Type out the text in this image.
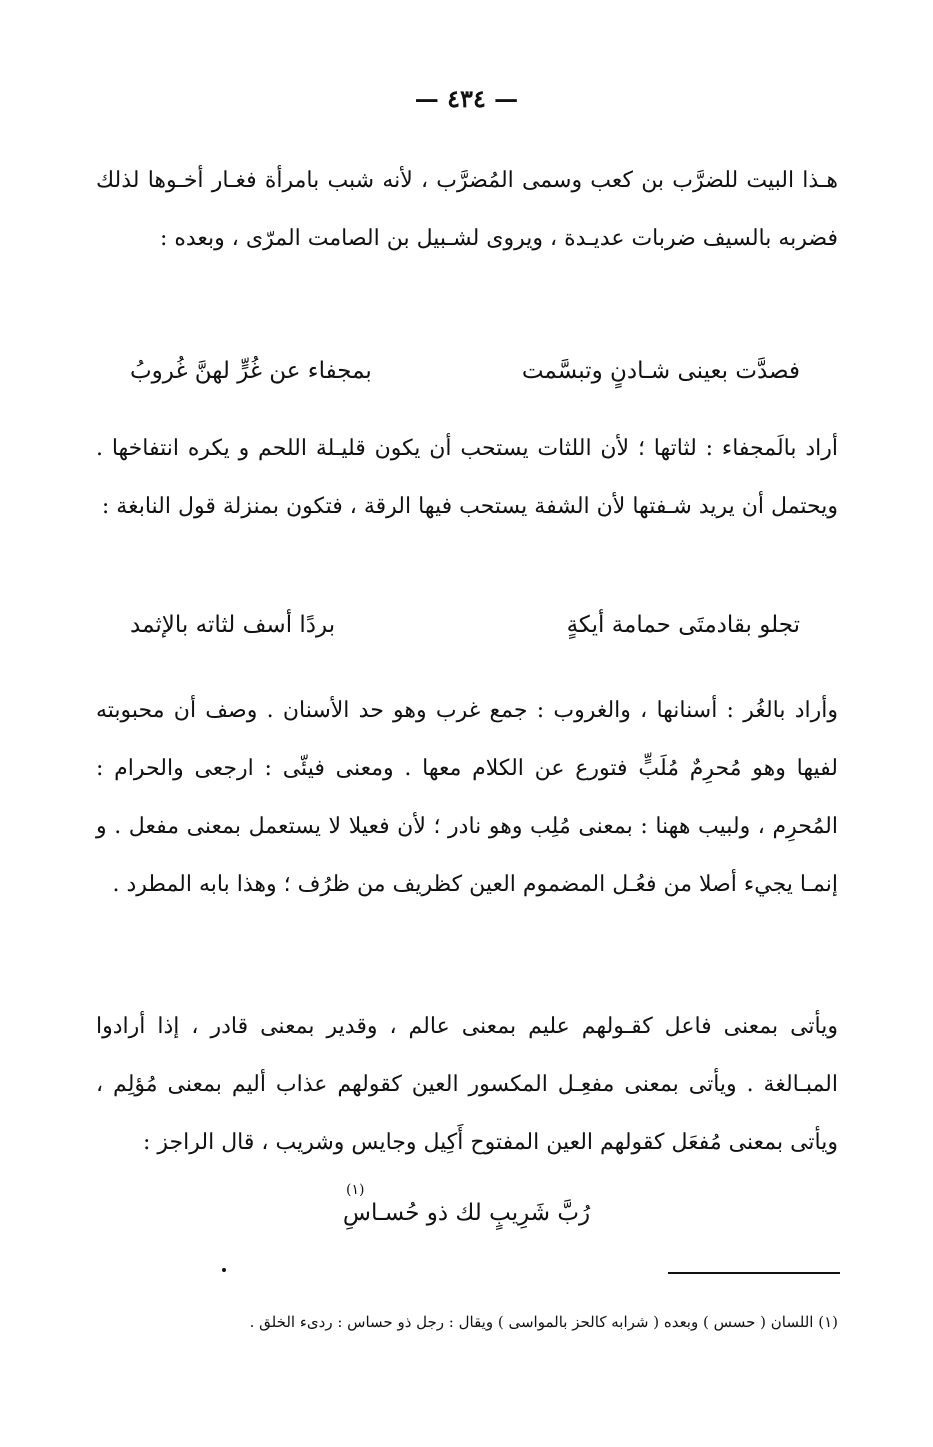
— ٤٣٤ —
هـذا البيت للضرَّب بن كعب وسمى المُضرَّب ، لأنه شبب بامرأة فغـار أخـوها لذلك فضربه بالسيف ضربات عديـدة ، ويروى لشـبيل بن الصامت المرّى ، وبعده :
فصدَّت بعينى شـادنٍ وتبسَّمت
بمجفاء عن غُرٍّ لهنَّ غُروبُ
أراد بالَمجفاء : لثاتها ؛ لأن اللثات يستحب أن يكون قليـلة اللحم و يكره انتفاخها . ويحتمل أن يريد شـفتها لأن الشفة يستحب فيها الرقة ، فتكون بمنزلة قول النابغة :
تجلو بقادمتَى حمامة أيكةٍ
بردًا أسف لثاته بالإثمد
وأراد بالغُر : أسنانها ، والغروب : جمع غرب وهو حد الأسنان . وصف أن محبوبته لفيها وهو مُحرِمٌ مُلَبٍّ فتورع عن الكلام معها . ومعنى فيئّى : ارجعى والحرام : المُحرِم ، ولبيب ههنا : بمعنى مُلِب وهو نادر ؛ لأن فعيلا لا يستعمل بمعنى مفعل . و إنمـا يجيء أصلا من فعُـل المضموم العين كظريف من ظرُف ؛ وهذا بابه المطرد .
ويأتى بمعنى فاعل كقـولهم عليم بمعنى عالم ، وقدير بمعنى قادر ، إذا أرادوا المبـالغة . ويأتى بمعنى مفعِـل المكسور العين كقولهم عذاب أليم بمعنى مُؤلِم ، ويأتى بمعنى مُفعَل كقولهم العين المفتوح أَكِيل وجايس وشريب ، قال الراجز :
(١)
رُبَّ شَرِيبٍ لك ذو حُسـاسِ
(١) اللسان ( حسس ) وبعده ( شرابه كالحز بالمواسى ) ويقال : رجل ذو حساس : ردىء الخلق .
